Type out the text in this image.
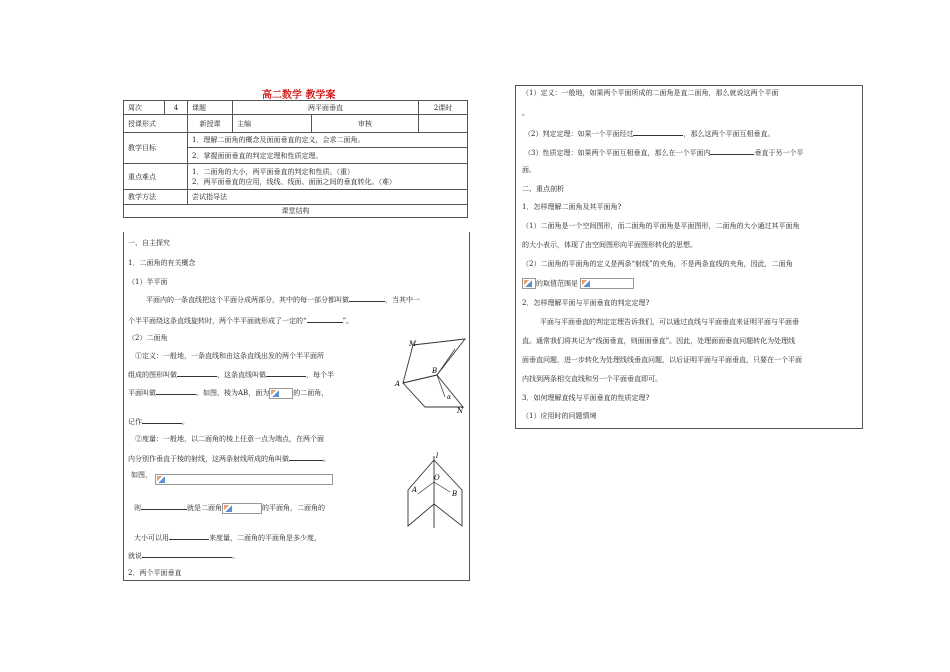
高二数学 教学案
周次	4	课题	两平面垂直		2课时
授课形式		新授课	主编	审核	
教学目标		1．理解二面角的概念及面面垂直的定义，会求二面角。			
		2．掌握面面垂直的判定定理和性质定理。			
重点难点		1．二面角的大小，两平面垂直的判定和性质。（重）
2．两平面垂直的应用，线线、线面、面面之间的垂直转化。（难）			

教学方法		尝试指导法			
课堂结构					
一、自主探究
1．二面角的有关概念
（1）半平面
平面内的一条直线把这个平面分成两部分，其中的每一部分都叫做	，当其中一
个半平面绕这条直线旋转时，两个半平面就形成了一定的“	”。
（2）二面角
①定义：一般地，一条直线和由这条直线出发的两个半平面所
组成的图形叫做	，这条直线叫做	，每个半
平面叫做	。如图，棱为AB，面为	的二面角，
记作	。
②度量：一般地，以二面角的棱上任意一点为端点，在两个面
内分别作垂直于棱的射线，这两条射线所成的角叫做	。
如图，
则	就是二面角	的平面角，二面角的
大小可以用	来度量，二面角的平面角是多少度，
就说	。
2．两个平面垂直
M
A
B
N
α
l
A	B
O
（1）定义：一般地，如果两个平面所成的二面角是直二面角，那么就说这两个平面
。
（2）判定定理：如果一个平面经过	，那么这两个平面互相垂直。
（3）性质定理：如果两个平面互相垂直，那么在一个平面内	垂直于另一个平
面。
二、重点剖析
1．怎样理解二面角及其平面角?
（1）二面角是一个空间图形，而二面角的平面角是平面图形，二面角的大小通过其平面角
的大小表示，体现了由空间图形向平面图形转化的思想。
（2）二面角的平面角的定义是两条“射线”的夹角，不是两条直线的夹角，因此，二面角
的取值范围是
2．怎样理解平面与平面垂直的判定定理?
平面与平面垂直的判定定理告诉我们，可以通过直线与平面垂直来证明平面与平面垂
直。通常我们将其记为“线面垂直，则面面垂直”。因此，处理面面垂直问题转化为处理线
面垂直问题，进一步转化为处理线线垂直问题，以后证明平面与平面垂直，只要在一个平面
内找到两条相交直线和另一个平面垂直即可。
3．如何理解直线与平面垂直的性质定理?
（1）应用时的问题情境
